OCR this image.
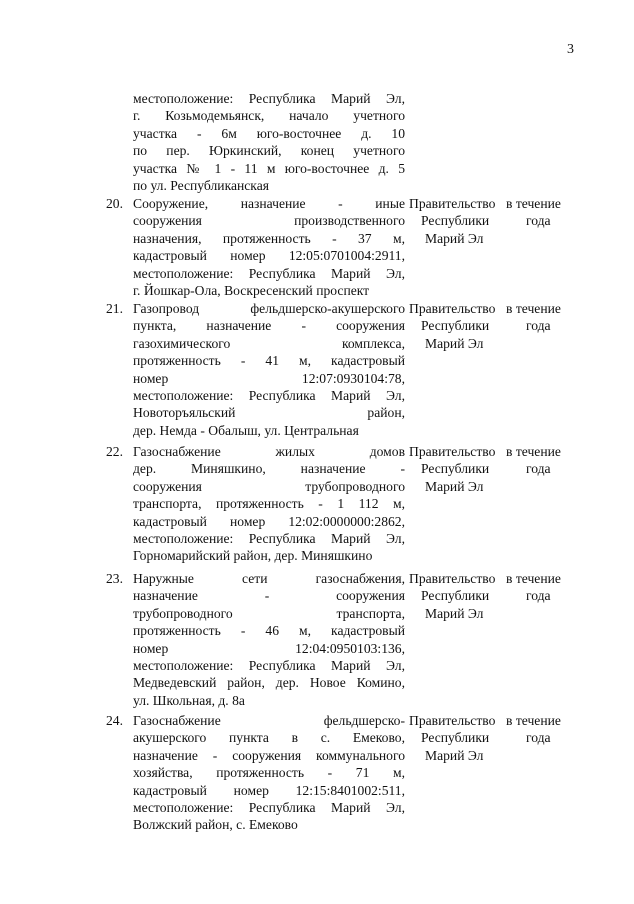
3
местоположение: Республика Марий Эл,
г. Козьмодемьянск, начало учетного
участка - 6м юго-восточнее д. 10
по пер. Юркинский, конец учетного
участка № 1 - 11 м юго-восточнее д. 5
по ул. Республиканская
20. Сооружение, назначение - иные
сооружения производственного
назначения, протяженность - 37 м,
кадастровый номер 12:05:0701004:2911,
местоположение: Республика Марий Эл,
г. Йошкар-Ола, Воскресенский проспект
Правительство
Республики
Марий Эл
в течение
года
21. Газопровод фельдшерско-акушерского
пункта, назначение - сооружения
газохимического комплекса,
протяженность - 41 м, кадастровый
номер 12:07:0930104:78,
местоположение: Республика Марий Эл,
Новоторъяльский район,
дер. Немда - Обалыш, ул. Центральная
Правительство
Республики
Марий Эл
в течение
года
22. Газоснабжение жилых домов
дер. Миняшкино, назначение -
сооружения трубопроводного
транспорта, протяженность - 1 112 м,
кадастровый номер 12:02:0000000:2862,
местоположение: Республика Марий Эл,
Горномарийский район, дер. Миняшкино
Правительство
Республики
Марий Эл
в течение
года
23. Наружные сети газоснабжения,
назначение - сооружения
трубопроводного транспорта,
протяженность - 46 м, кадастровый
номер 12:04:0950103:136,
местоположение: Республика Марий Эл,
Медведевский район, дер. Новое Комино,
ул. Школьная, д. 8а
Правительство
Республики
Марий Эл
в течение
года
24. Газоснабжение фельдшерско-
акушерского пункта в с. Емеково,
назначение - сооружения коммунального
хозяйства, протяженность - 71 м,
кадастровый номер 12:15:8401002:511,
местоположение: Республика Марий Эл,
Волжский район, с. Емеково
Правительство
Республики
Марий Эл
в течение
года
